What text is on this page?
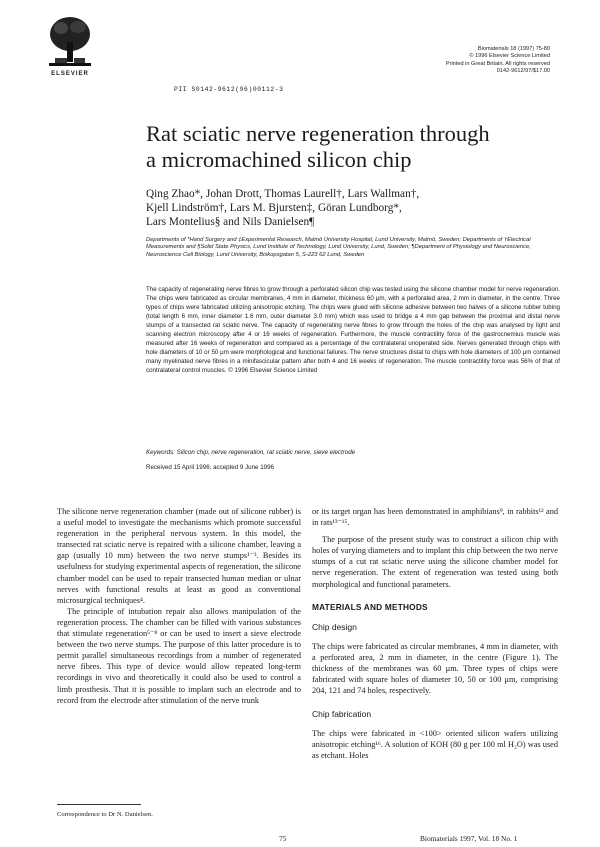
ELSEVIER
PII S0142-9612(96)00112-3
Biomaterials 18 (1997) 75-80
© 1996 Elsevier Science Limited
Printed in Great Britain. All rights reserved
0142-9612/97/$17.00
Rat sciatic nerve regeneration through
a micromachined silicon chip
Qing Zhao*, Johan Drott, Thomas Laurell†, Lars Wallman†,
Kjell Lindström†, Lars M. Bjursten‡, Göran Lundborg*,
Lars Montelius§ and Nils Danielsen¶
Departments of *Hand Surgery and ‡Experimental Research, Malmö University Hospital, Lund University, Malmö, Sweden; Departments of †Electrical Measurements and §Solid State Physics, Lund Institute of Technology, Lund University, Lund, Sweden; ¶Department of Physiology and Neuroscience, Neuroscience Cell Biology, Lund University, Biskopsgatan 5, S-223 62 Lund, Sweden
The capacity of regenerating nerve fibres to grow through a perforated silicon chip was tested using the silicone chamber model for nerve regeneration. The chips were fabricated as circular membranes, 4 mm in diameter, thickness 60 μm, with a perforated area, 2 mm in diameter, in the centre. Three types of chips were fabricated utilizing anisotropic etching. The chips were glued with silicone adhesive between two halves of a silicone rubber tubing (total length 6 mm, inner diameter 1.6 mm, outer diameter 3.0 mm) which was used to bridge a 4 mm gap between the proximal and distal nerve stumps of a transected rat sciatic nerve. The capacity of regenerating nerve fibres to grow through the holes of the chip was analysed by light and scanning electron microscopy after 4 or 16 weeks of regeneration. Furthermore, the muscle contractility force of the gastrocnemius muscle was measured after 16 weeks of regeneration and compared as a percentage of the contralateral unoperated side. Nerves generated through chips with hole diameters of 10 or 50 μm were morphological and functional failures. The nerve structures distal to chips with hole diameters of 100 μm contained many myelinated nerve fibres in a minifascicular pattern after both 4 and 16 weeks of regeneration. The muscle contractility force was 56% of that of contralateral control muscles. © 1996 Elsevier Science Limited
Keywords: Silicon chip, nerve regeneration, rat sciatic nerve, sieve electrode
Received 15 April 1996; accepted 9 June 1996

The silicone nerve regeneration chamber (made out of silicone rubber) is a useful model to investigate the mechanisms which promote successful regeneration in the peripheral nervous system. In this model, the transected rat sciatic nerve is repaired with a silicone chamber, leaving a gap (usually 10 mm) between the two nerve stumps¹⁻³. Besides its usefulness for studying experimental aspects of regeneration, the silicone chamber model can be used to repair transected human median or ulnar nerves with functional results at least as good as conventional microsurgical techniques⁴.

The principle of intubation repair also allows manipulation of the regeneration process. The chamber can be filled with various substances that stimulate regeneration⁵⁻⁸ or can be used to insert a sieve electrode between the two nerve stumps. The purpose of this latter procedure is to permit parallel simultaneous recordings from a number of regenerated nerve fibres. This type of device would allow repeated long-term recordings in vivo and theoretically it could also be used to control a limb prosthesis. That it is possible to implant such an electrode and to record from the electrode after stimulation of the nerve trunk

or its target organ has been demonstrated in amphibians⁹, in rabbits¹² and in rats¹³⁻¹⁵.

The purpose of the present study was to construct a silicon chip with holes of varying diameters and to implant this chip between the two nerve stumps of a cut rat sciatic nerve using the silicone chamber model for nerve regeneration. The extent of regeneration was tested using both morphological and functional parameters.

MATERIALS AND METHODS
Chip design

The chips were fabricated as circular membranes, 4 mm in diameter, with a perforated area, 2 mm in diameter, in the centre (Figure 1). The thickness of the membranes was 60 μm. Three types of chips were fabricated with square holes of diameter 10, 50 or 100 μm, comprising 204, 121 and 74 holes, respectively.

Chip fabrication

The chips were fabricated in <100> oriented silicon wafers utilizing anisotropic etching¹⁶. A solution of KOH (80 g per 100 ml H₂O) was used as etchant. Holes

Correspondence to Dr N. Danielsen.
75	Biomaterials 1997, Vol. 18 No. 1
